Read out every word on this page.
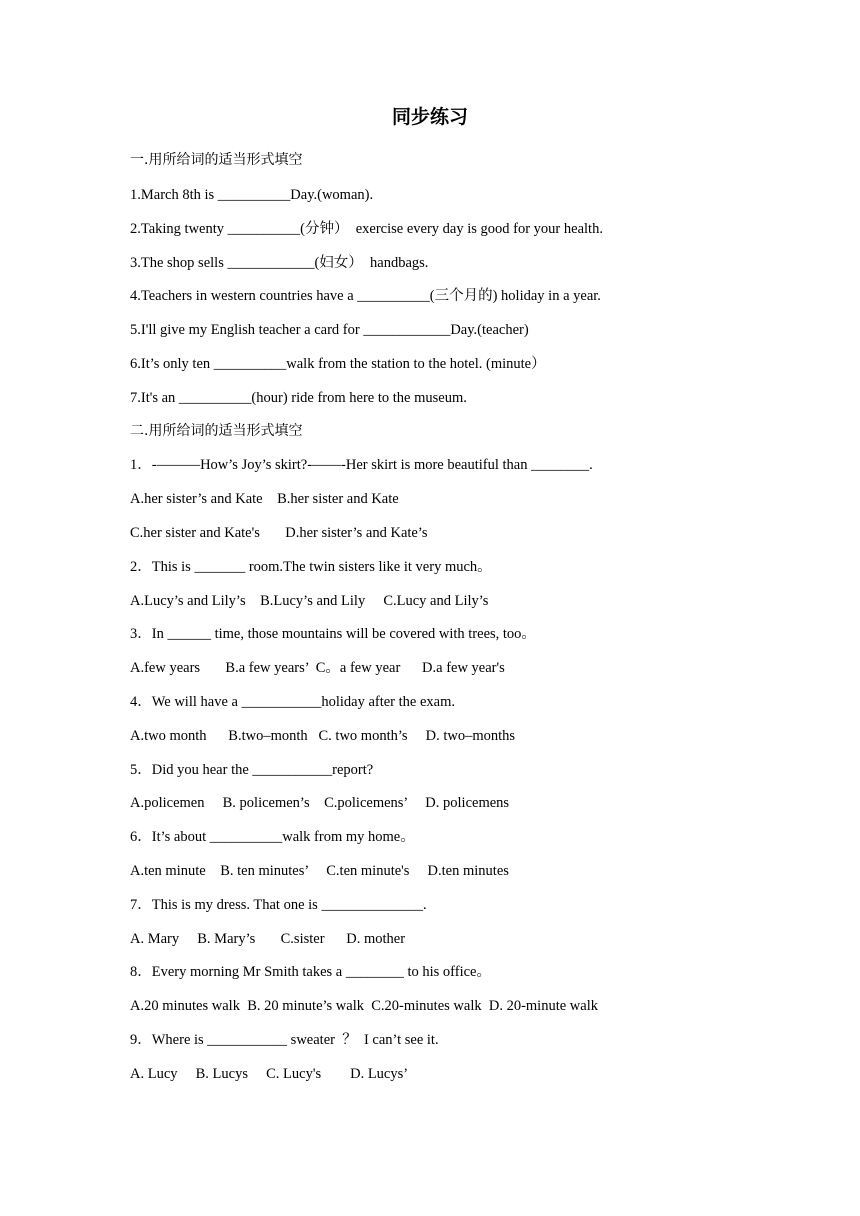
同步练习
一.用所给词的适当形式填空
1.March 8th is __________Day.(woman).
2.Taking twenty __________(分钟）  exercise every day is good for your health.
3.The shop sells ____________(妇女）  handbags.
4.Teachers in western countries have a __________(三个月的) holiday in a year.
5.I'll give my English teacher a card for ____________Day.(teacher)
6.It’s only ten __________walk from the station to the hotel. (minute）
7.It's an __________(hour) ride from here to the museum.
二.用所给词的适当形式填空
1．-———How’s Joy’s skirt?-——-Her skirt is more beautiful than ________.
A.her sister’s and Kate    B.her sister and Kate
C.her sister and Kate's       D.her sister’s and Kate’s
2．This is _______ room.The twin sisters like it very much。
A.Lucy’s and Lily’s    B.Lucy’s and Lily     C.Lucy and Lily’s
3．In ______ time, those mountains will be covered with trees, too。
A.few years       B.a few years’  C。a few year      D.a few year's
4．We will have a ___________holiday after the exam.
A.two month      B.two–month   C. two month’s     D. two–months
5．Did you hear the ___________report?
A.policemen     B. policemen’s    C.policemens’     D. policemens
6．It’s about __________walk from my home。
A.ten minute    B. ten minutes’     C.ten minute's     D.ten minutes
7．This is my dress. That one is ______________.
A. Mary     B. Mary’s       C.sister      D. mother
8．Every morning Mr Smith takes a ________ to his office。
A.20 minutes walk  B. 20 minute’s walk  C.20-minutes walk  D. 20-minute walk
9．Where is ___________ sweater  ？  I can’t see it.
A. Lucy     B. Lucys     C. Lucy's        D. Lucys’
